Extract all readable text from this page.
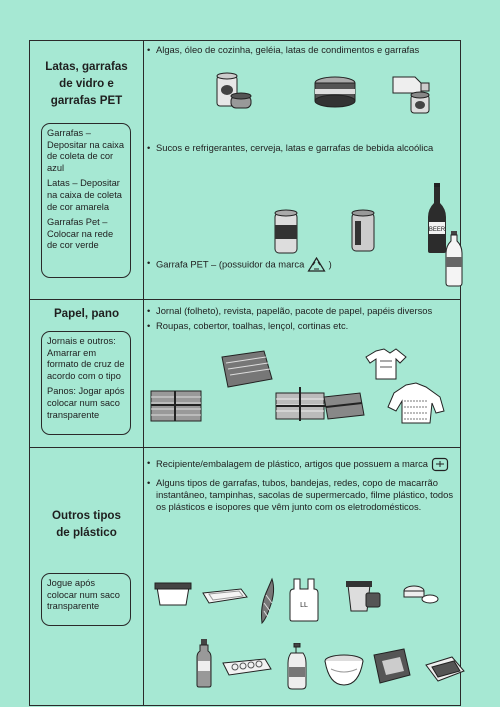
Latas, garrafas de vidro e garrafas PET

Garrafas – Depositar na caixa de coleta de cor azul

Latas – Depositar na caixa de coleta de cor amarela

Garrafas Pet – Colocar na rede de cor verde

• Algas, óleo de cozinha, geléia, latas de condimentos e garrafas
• Sucos e refrigerantes, cerveja, latas e garrafas de bebida alcoólica
• Garrafa PET – (possuidor da marca	)
BEER
Papel, pano

Jornais e outros: Amarrar em formato de cruz de acordo com o tipo

Panos: Jogar após colocar num saco transparente

• Jornal (folheto), revista, papelão, pacote de papel, papéis diversos
• Roupas, cobertor, toalhas, lençol, cortinas etc.
Outros tipos de plástico

Jogue após colocar num saco transparente

• Recipiente/embalagem de plástico, artigos que possuem a marca
• Alguns tipos de garrafas, tubos, bandejas, redes, copo de macarrão instantâneo, tampinhas, sacolas de supermercado, filme plástico, todos os plásticos e isopores que vêm junto com os eletrodomésticos.
LL
